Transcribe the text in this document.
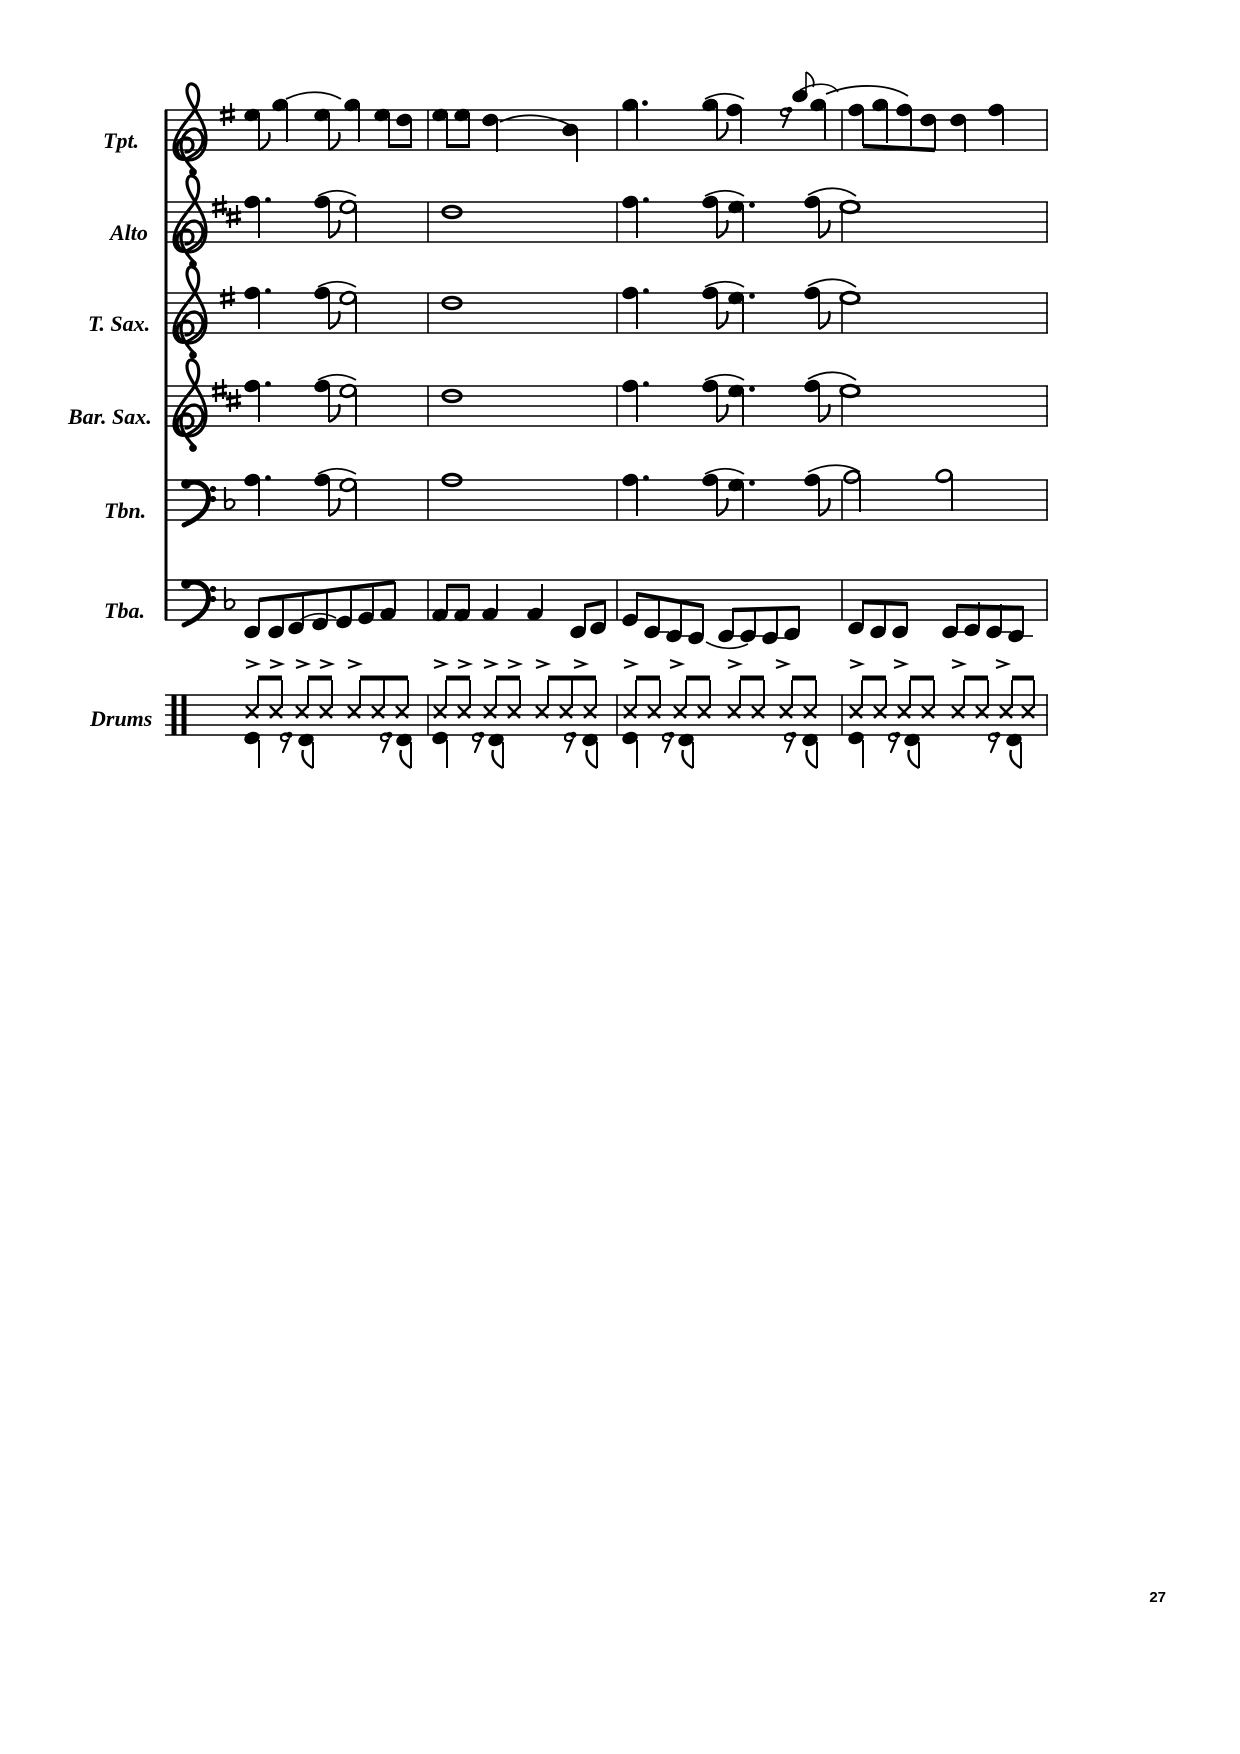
Tpt.
Alto
T. Sax.
Bar. Sax.
Tbn.
Tba.
Drums
27
